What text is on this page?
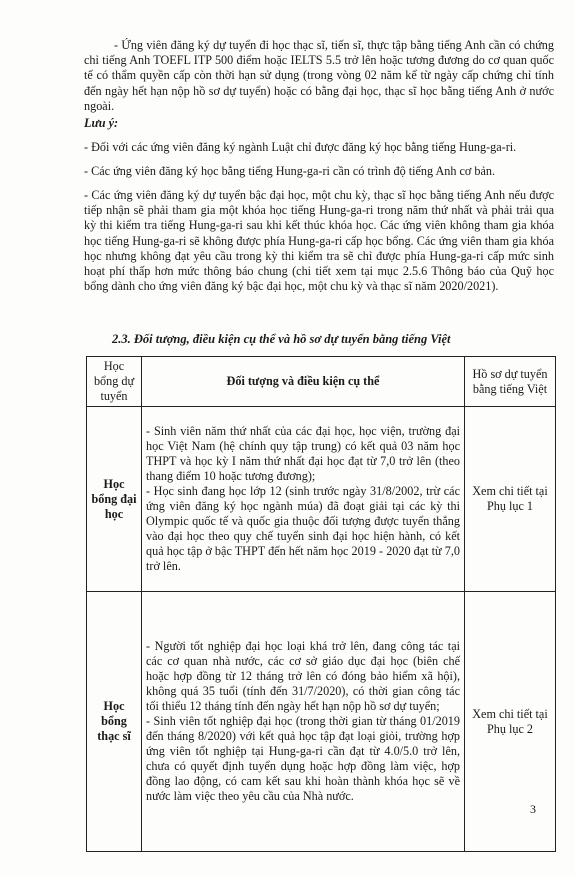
- Ứng viên đăng ký dự tuyển đi học thạc sĩ, tiến sĩ, thực tập bằng tiếng Anh cần có chứng chỉ tiếng Anh TOEFL ITP 500 điểm hoặc IELTS 5.5 trở lên hoặc tương đương do cơ quan quốc tế có thẩm quyền cấp còn thời hạn sử dụng (trong vòng 02 năm kể từ ngày cấp chứng chỉ tính đến ngày hết hạn nộp hồ sơ dự tuyển) hoặc có bằng đại học, thạc sĩ học bằng tiếng Anh ở nước ngoài.

Lưu ý:

- Đối với các ứng viên đăng ký ngành Luật chỉ được đăng ký học bằng tiếng Hung-ga-ri.

- Các ứng viên đăng ký học bằng tiếng Hung-ga-ri cần có trình độ tiếng Anh cơ bản.

- Các ứng viên đăng ký dự tuyển bậc đại học, một chu kỳ, thạc sĩ học bằng tiếng Anh nếu được tiếp nhận sẽ phải tham gia một khóa học tiếng Hung-ga-ri trong năm thứ nhất và phải trải qua kỳ thi kiểm tra tiếng Hung-ga-ri sau khi kết thúc khóa học. Các ứng viên không tham gia khóa học tiếng Hung-ga-ri sẽ không được phía Hung-ga-ri cấp học bổng. Các ứng viên tham gia khóa học nhưng không đạt yêu cầu trong kỳ thi kiểm tra sẽ chỉ được phía Hung-ga-ri cấp mức sinh hoạt phí thấp hơn mức thông báo chung (chi tiết xem tại mục 2.5.6 Thông báo của Quỹ học bổng dành cho ứng viên đăng ký bậc đại học, một chu kỳ và thạc sĩ năm 2020/2021).

2.3. Đối tượng, điều kiện cụ thể và hồ sơ dự tuyển bằng tiếng Việt

Học bổng dự tuyển	Đối tượng và điều kiện cụ thể	Hồ sơ dự tuyển bằng tiếng Việt
Học bổng đại học	- Sinh viên năm thứ nhất của các đại học, học viện, trường đại học Việt Nam (hệ chính quy tập trung) có kết quả 03 năm học THPT và học kỳ I năm thứ nhất đại học đạt từ 7,0 trở lên (theo thang điểm 10 hoặc tương đương);

- Học sinh đang học lớp 12 (sinh trước ngày 31/8/2002, trừ các ứng viên đăng ký học ngành múa) đã đoạt giải tại các kỳ thi Olympic quốc tế và quốc gia thuộc đối tượng được tuyển thẳng vào đại học theo quy chế tuyển sinh đại học hiện hành, có kết quả học tập ở bậc THPT đến hết năm học 2019 - 2020 đạt từ 7,0 trở lên.	Xem chi tiết tại Phụ lục 1
Học bổng thạc sĩ	- Người tốt nghiệp đại học loại khá trở lên, đang công tác tại các cơ quan nhà nước, các cơ sở giáo dục đại học (biên chế hoặc hợp đồng từ 12 tháng trở lên có đóng bảo hiểm xã hội), không quá 35 tuổi (tính đến 31/7/2020), có thời gian công tác tối thiểu 12 tháng tính đến ngày hết hạn nộp hồ sơ dự tuyển;

- Sinh viên tốt nghiệp đại học (trong thời gian từ tháng 01/2019 đến tháng 8/2020) với kết quả học tập đạt loại giỏi, trường hợp ứng viên tốt nghiệp tại Hung-ga-ri cần đạt từ 4.0/5.0 trở lên, chưa có quyết định tuyển dụng hoặc hợp đồng làm việc, hợp đồng lao động, có cam kết sau khi hoàn thành khóa học sẽ về nước làm việc theo yêu cầu của Nhà nước.	Xem chi tiết tại Phụ lục 2
3
